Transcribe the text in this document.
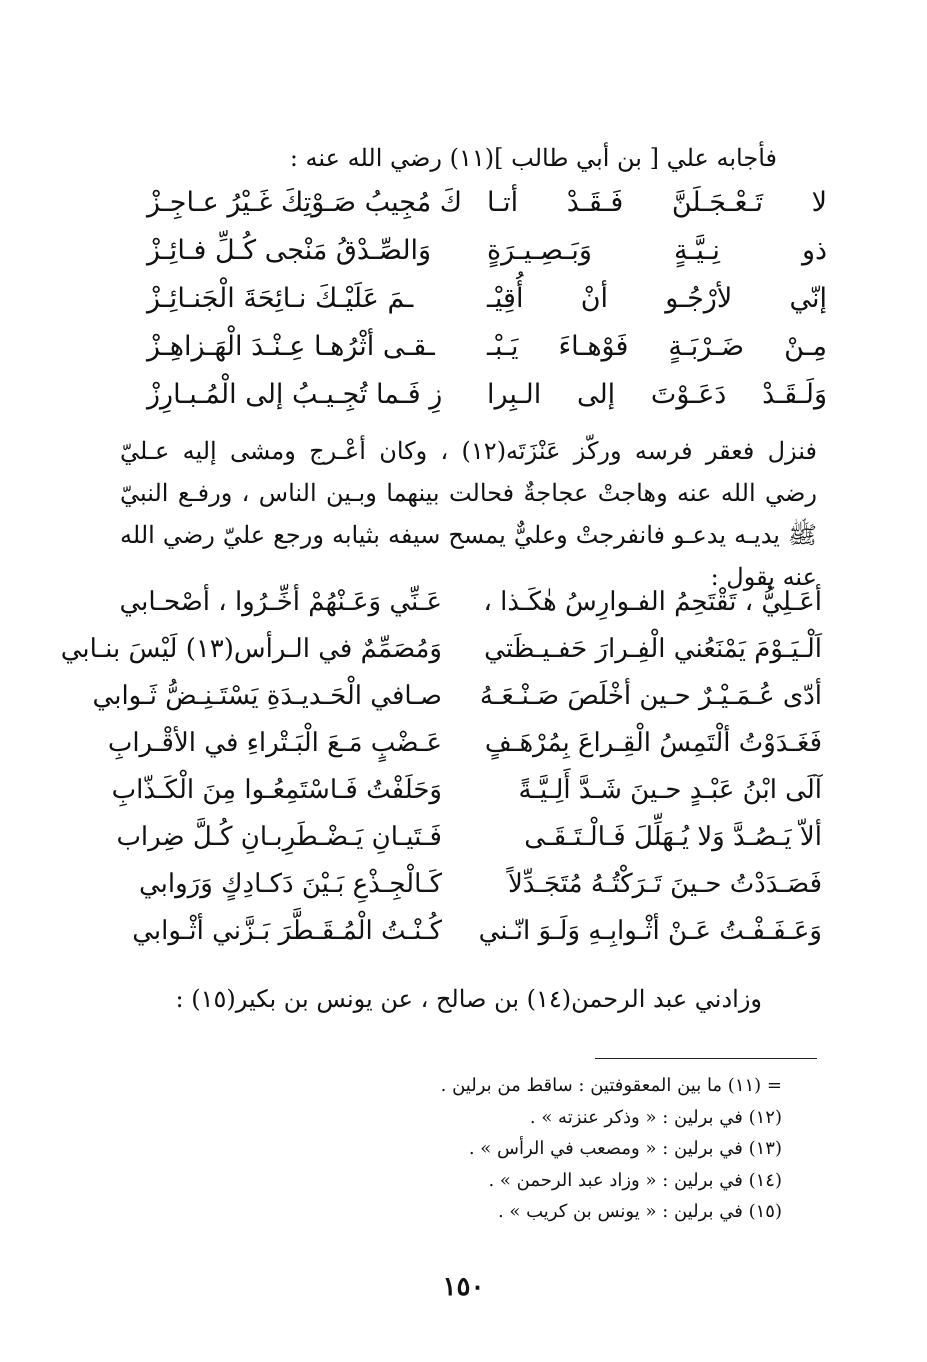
فأجابه علي [ بن أبي طالب ](١١) رضي الله عنه :
لا
تَـعْـجَـلَنَّ
فَـقَـدْ
أتـا
كَ مُجِيبُ صَـوْتِكَ غَـيْرُ عـاجِـزْ
ذو
نِـيَّـةٍ
وَبَـصِـيـرَةٍ
وَالصِّـدْقُ مَنْجى كُـلِّ فـائِـزْ
إنّي
لأرْجُـو
أنْ
أُقِيْـ
ـمَ عَلَيْـكَ نـائِحَةَ الْجَنـائِـزْ
مِـنْ
ضَـرْبَـةٍ
فَوْهـاءَ
يَـبْـ
ـقـى أثْرُهـا عِـنْـدَ الْهَـزاهِـزْ
وَلَـقَـدْ
دَعَـوْتَ
إلى
الـبِرا
زِ فَـما تُجِـيـبُ إلى الْمُـبـارِزْ
فنزل فعقر فرسه وركّز عَنْزَتَه(١٢) ، وكان أعْـرج ومشى إليه عـليّ رضي الله عنه وهاجتْ عجاجةٌ فحالت بينهما وبـين الناس ، ورفـع النبيّ ﷺ يديـه يدعـو فانفرجتْ وعليٌّ يمسح سيفه بثيابه ورجع عليّ رضي الله عنه يقول :
أعَـلِيُّ ، تَقْتَحِمُ الفـوارِسُ هٰكَـذا ،
عَـنِّي وَعَـنْهُمْ أخِّـرُوا ، أصْحـابي
اَلْـيَـوْمَ يَمْنَعُني الْفِـرارَ حَفـيـظَتي
وَمُصَمِّمٌ في الـرأس(١٣) لَيْسَ بنـابي
أدّى عُـمَـيْـرٌ حـين أخْلَصَ صَـنْـعَـهُ
صـافي الْحَـديـدَةِ يَسْتَـنِـضُّ ثَـوابي
فَغَـدَوْتُ ألْتَمِسُ الْقِـراعَ بِمُرْهَـفٍ
عَـضْبٍ مَـعَ الْبَـتْراءِ في الأقْـرابِ
آلَى ابْنُ عَبْـدٍ حـينَ شَـدَّ أَلِـيَّـةً
وَحَلَفْتُ فَـاسْتَمِعُـوا مِنَ الْكَـذّابِ
ألاّ يَـصُـدَّ وَلا يُـهَلِّلَ فَـالْـتَـقَـى
فَـتَيـانِ يَـضْـطَرِبـانِ كُـلَّ ضِراب
فَصَـدَدْتُ حـينَ تَـرَكْتُـهُ مُتَجَـدِّلاً
كَـالْجِـذْعِ بَـيْنَ دَكـادِكٍ وَرَوابي
وَعَـفَـفْـتُ عَـنْ أثْـوابِـهِ وَلَـوَ انّـني
كُـنْـتُ الْمُـقَـطَّرَ بَـزَّني أثْـوابي
وزادني عبد الرحمن(١٤) بن صالح ، عن يونس بن بكير(١٥) :
= (١١) ما بين المعقوفتين : ساقط من برلين .
(١٢) في برلين : « وذكر عنزته » .
(١٣) في برلين : « ومصعب في الرأس » .
(١٤) في برلين : « وزاد عبد الرحمن » .
(١٥) في برلين : « يونس بن كريب » .
١٥٠
